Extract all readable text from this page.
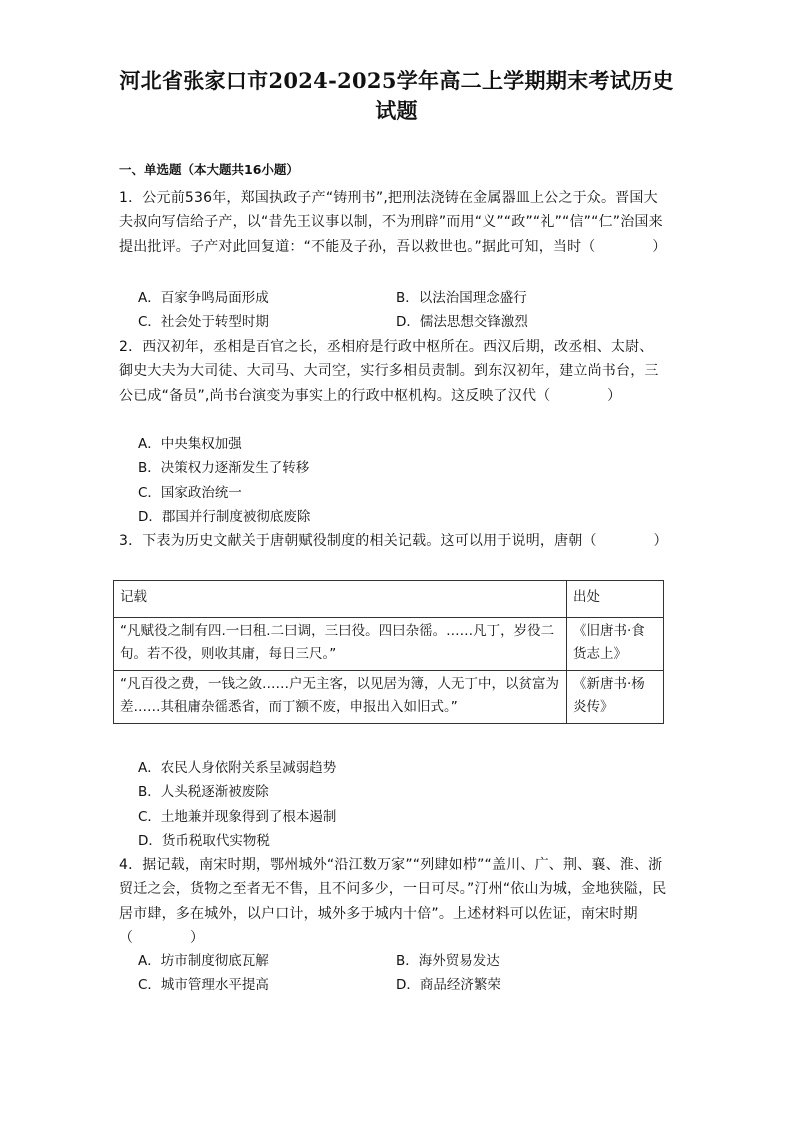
河北省张家口市2024-2025学年高二上学期期末考试历史试题
一、单选题（本大题共16小题）
1．公元前536年，郑国执政子产“铸刑书”,把刑法浇铸在金属器皿上公之于众。晋国大夫叔向写信给子产，以“昔先王议事以制，不为刑辟”而用“义”“政”“礼”“信”“仁”治国来提出批评。子产对此回复道：“不能及子孙，吾以救世也。”据此可知，当时（　　　　）
A．百家争鸣局面形成	B．以法治国理念盛行
C．社会处于转型时期	D．儒法思想交锋激烈
2．西汉初年，丞相是百官之长，丞相府是行政中枢所在。西汉后期，改丞相、太尉、御史大夫为大司徒、大司马、大司空，实行多相员责制。到东汉初年，建立尚书台，三公已成“备员”,尚书台演变为事实上的行政中枢机构。这反映了汉代（　　　　）
A．中央集权加强
B．决策权力逐渐发生了转移
C．国家政治统一
D．郡国并行制度被彻底废除
3．下表为历史文献关于唐朝赋役制度的相关记载。这可以用于说明，唐朝（　　　　）
记载	出处
“凡赋役之制有四.一曰租.二曰调，三曰役。四曰杂徭。……凡丁，岁役二旬。若不役，则收其庸，每日三尺。”	《旧唐书·食货志上》
“凡百役之费，一钱之敛……户无主客，以见居为簿，人无丁中，以贫富为差……其租庸杂徭悉省，而丁额不废，申报出入如旧式。”	《新唐书·杨炎传》
A．农民人身依附关系呈减弱趋势
B．人头税逐渐被废除
C．土地兼并现象得到了根本遏制
D．货币税取代实物税
4．据记载，南宋时期，鄂州城外“沿江数万家”“列肆如栉”“盖川、广、荆、襄、淮、浙贸迁之会，货物之至者无不售，且不问多少，一日可尽。”汀州“依山为城，金地狭隘，民居市肆，多在城外，以户口计，城外多于城内十倍”。上述材料可以佐证，南宋时期（　　　　）
A．坊市制度彻底瓦解	B．海外贸易发达
C．城市管理水平提高	D．商品经济繁荣
